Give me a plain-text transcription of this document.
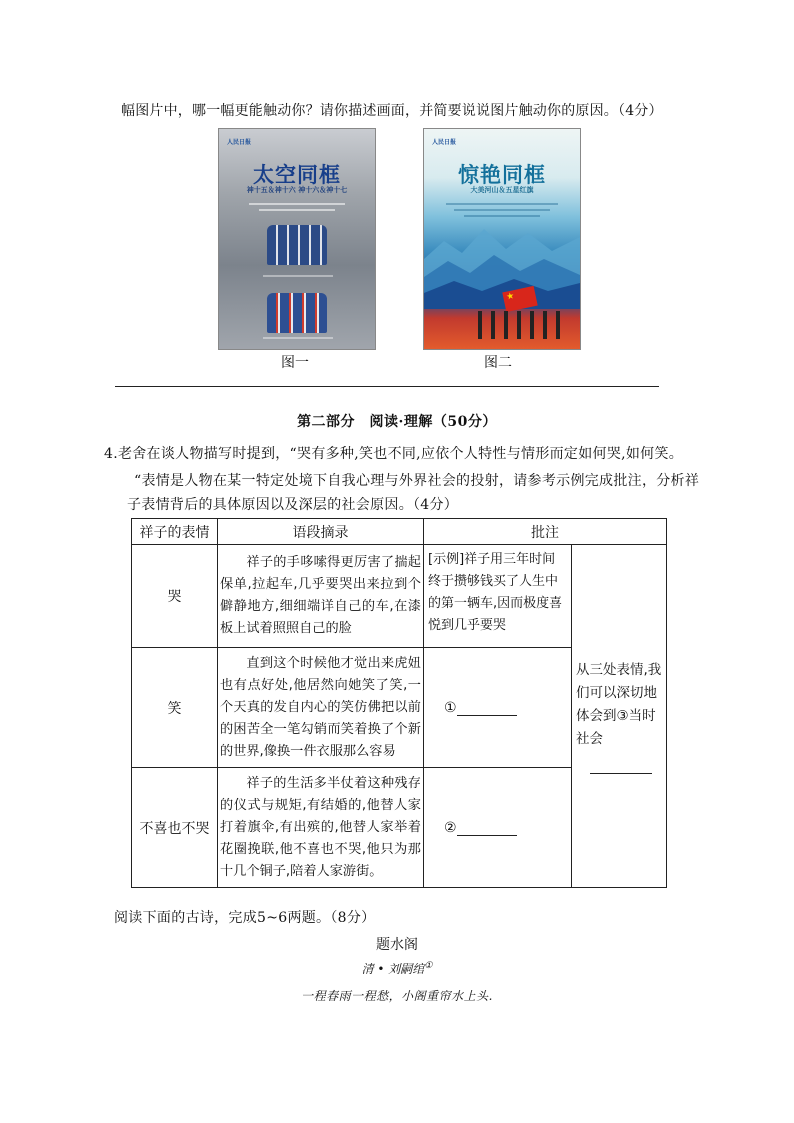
幅图片中，哪一幅更能触动你？请你描述画面，并简要说说图片触动你的原因。（4分）
人民日报
太空同框
神十五＆神十六 神十六＆神十七
人民日报
惊艳同框
大美河山＆五星红旗
★
图一	图二
第二部分　阅读·理解（50分）
4.老舍在谈人物描写时提到，“哭有多种,笑也不同,应依个人特性与情形而定如何哭,如何笑。
“表情是人物在某一特定处境下自我心理与外界社会的投射，请参考示例完成批注，分析祥
子表情背后的具体原因以及深层的社会原因。（4分）
祥子的表情	语段摘录	批注	
哭	祥子的手哆嗦得更厉害了揣起保单,拉起车,几乎要哭出来拉到个僻静地方,细细端详自己的车,在漆板上试着照照自己的脸	[示例]祥子用三年时间终于攒够钱买了人生中的第一辆车,因而极度喜悦到几乎要哭	从三处表情,我们可以深切地体会到③当时社会

笑	直到这个时候他才觉出来虎妞也有点好处,他居然向她笑了笑,一个天真的发自内心的笑仿佛把以前的困苦全一笔勾销而笑着换了个新的世界,像换一件衣服那么容易	①	
不喜也不哭	祥子的生活多半仗着这种残存的仪式与规矩,有结婚的,他替人家打着旗伞,有出殡的,他替人家举着花圈挽联,他不喜也不哭,他只为那十几个铜子,陪着人家游街。	②	
阅读下面的古诗，完成5~6两题。（8分）
题水阁
清 • 刘嗣绾①
一程春雨一程愁，小阁重帘水上头.
